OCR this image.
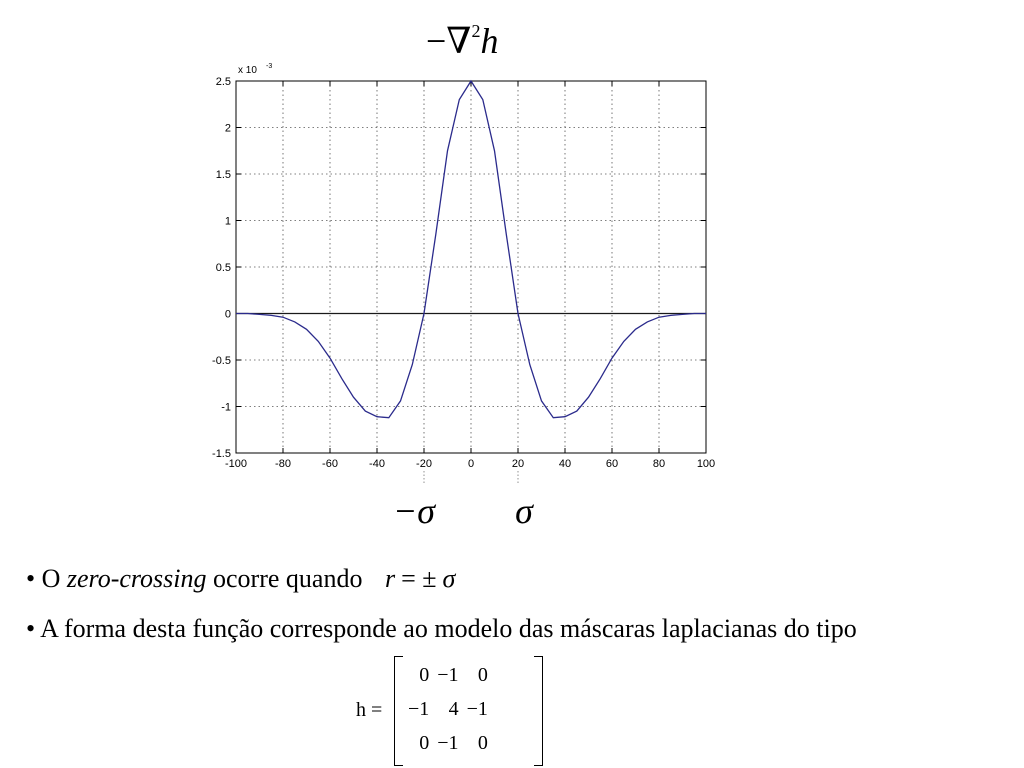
−∇$^2$h
-100	-80	-60	-40	-20	0	20	40	60	80	100
-1.5
-1
-0.5
0
0.5
1
1.5
2
2.5
x 10 -3
−σ σ
• O zero-crossing ocorre quando r = ± σ
• A forma desta função corresponde ao modelo das máscaras laplacianas do tipo
h =
0	−1	0
−1	4	−1
0	−1	0
